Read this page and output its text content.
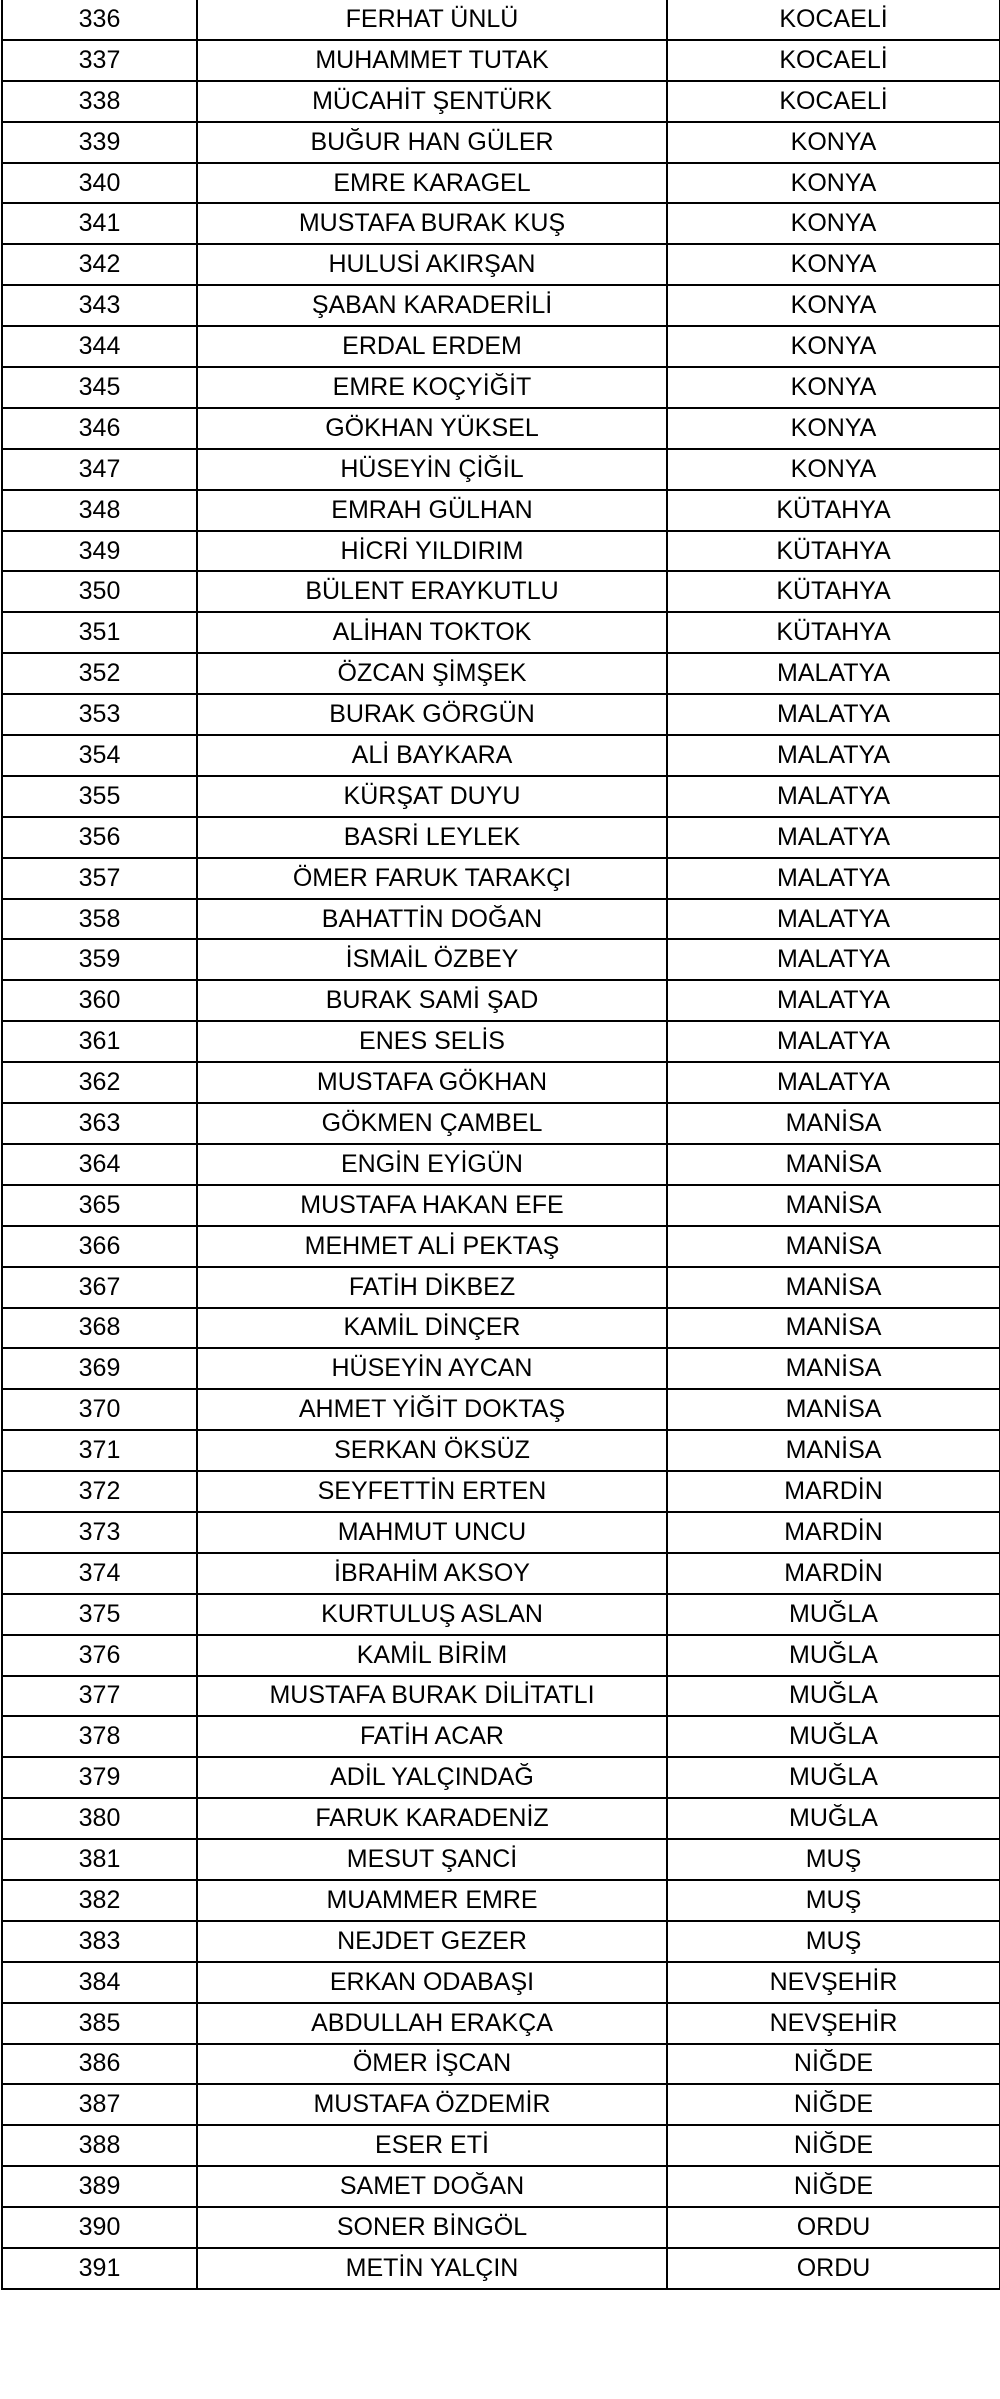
336	FERHAT ÜNLÜ	KOCAELİ
337	MUHAMMET TUTAK	KOCAELİ
338	MÜCAHİT ŞENTÜRK	KOCAELİ
339	BUĞUR HAN GÜLER	KONYA
340	EMRE KARAGEL	KONYA
341	MUSTAFA BURAK KUŞ	KONYA
342	HULUSİ AKIRŞAN	KONYA
343	ŞABAN KARADERİLİ	KONYA
344	ERDAL ERDEM	KONYA
345	EMRE KOÇYİĞİT	KONYA
346	GÖKHAN YÜKSEL	KONYA
347	HÜSEYİN ÇİĞİL	KONYA
348	EMRAH GÜLHAN	KÜTAHYA
349	HİCRİ YILDIRIM	KÜTAHYA
350	BÜLENT ERAYKUTLU	KÜTAHYA
351	ALİHAN TOKTOK	KÜTAHYA
352	ÖZCAN ŞİMŞEK	MALATYA
353	BURAK GÖRGÜN	MALATYA
354	ALİ BAYKARA	MALATYA
355	KÜRŞAT DUYU	MALATYA
356	BASRİ LEYLEK	MALATYA
357	ÖMER FARUK TARAKÇI	MALATYA
358	BAHATTİN DOĞAN	MALATYA
359	İSMAİL ÖZBEY	MALATYA
360	BURAK SAMİ ŞAD	MALATYA
361	ENES SELİS	MALATYA
362	MUSTAFA GÖKHAN	MALATYA
363	GÖKMEN ÇAMBEL	MANİSA
364	ENGİN EYİGÜN	MANİSA
365	MUSTAFA HAKAN EFE	MANİSA
366	MEHMET ALİ PEKTAŞ	MANİSA
367	FATİH DİKBEZ	MANİSA
368	KAMİL DİNÇER	MANİSA
369	HÜSEYİN AYCAN	MANİSA
370	AHMET YİĞİT DOKTAŞ	MANİSA
371	SERKAN ÖKSÜZ	MANİSA
372	SEYFETTİN ERTEN	MARDİN
373	MAHMUT UNCU	MARDİN
374	İBRAHİM AKSOY	MARDİN
375	KURTULUŞ ASLAN	MUĞLA
376	KAMİL BİRİM	MUĞLA
377	MUSTAFA BURAK DİLİTATLI	MUĞLA
378	FATİH ACAR	MUĞLA
379	ADİL YALÇINDAĞ	MUĞLA
380	FARUK KARADENİZ	MUĞLA
381	MESUT ŞANCİ	MUŞ
382	MUAMMER EMRE	MUŞ
383	NEJDET GEZER	MUŞ
384	ERKAN ODABAŞI	NEVŞEHİR
385	ABDULLAH ERAKÇA	NEVŞEHİR
386	ÖMER İŞCAN	NİĞDE
387	MUSTAFA ÖZDEMİR	NİĞDE
388	ESER ETİ	NİĞDE
389	SAMET DOĞAN	NİĞDE
390	SONER BİNGÖL	ORDU
391	METİN YALÇIN	ORDU
